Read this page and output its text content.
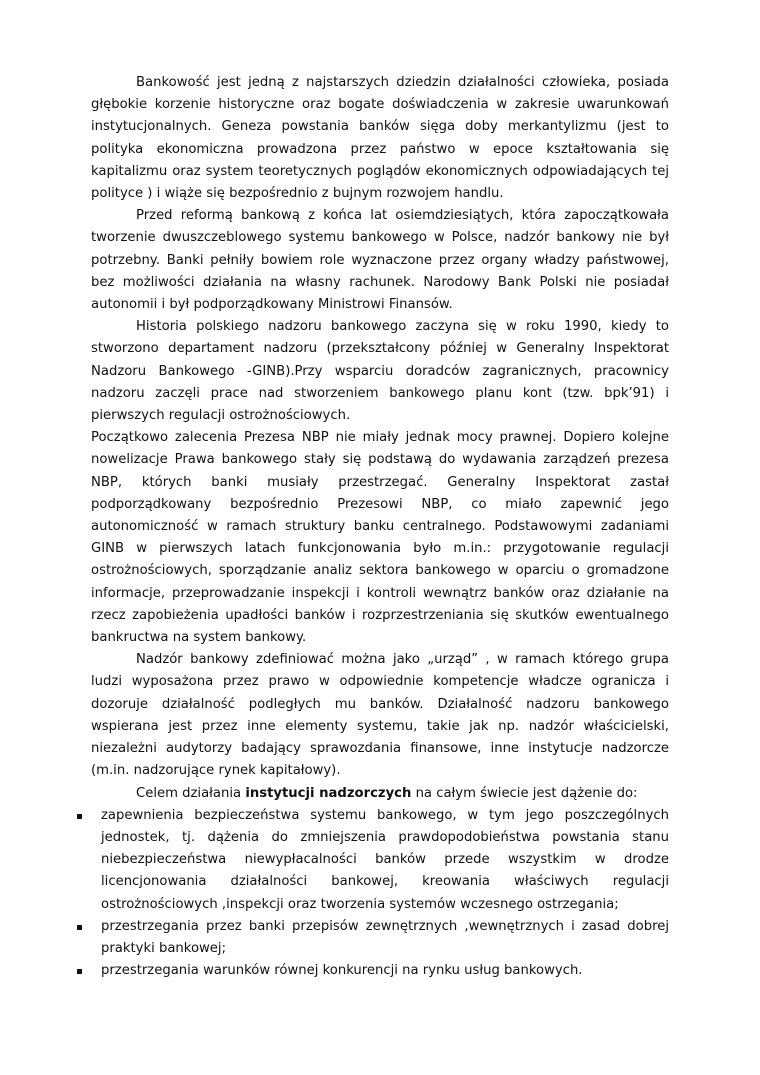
Bankowość jest jedną z najstarszych dziedzin działalności człowieka, posiada głębokie korzenie historyczne oraz bogate doświadczenia w zakresie uwarunkowań instytucjonalnych. Geneza powstania banków sięga doby merkantylizmu (jest to polityka ekonomiczna prowadzona przez państwo w epoce kształtowania się kapitalizmu oraz system teoretycznych poglądów ekonomicznych odpowiadających tej polityce ) i wiąże się bezpośrednio z bujnym rozwojem handlu.

Przed reformą bankową z końca lat osiemdziesiątych, która zapoczątkowała tworzenie dwuszczeblowego systemu bankowego w Polsce, nadzór bankowy nie był potrzebny. Banki pełniły bowiem role wyznaczone przez organy władzy państwowej, bez możliwości działania na własny rachunek. Narodowy Bank Polski nie posiadał autonomii i był podporządkowany Ministrowi Finansów.

Historia polskiego nadzoru bankowego zaczyna się w roku 1990, kiedy to stworzono departament nadzoru (przekształcony później w Generalny Inspektorat Nadzoru Bankowego -GINB).Przy wsparciu doradców zagranicznych, pracownicy nadzoru zaczęli prace nad stworzeniem bankowego planu kont (tzw. bpk’91) i pierwszych regulacji ostrożnościowych.

Początkowo zalecenia Prezesa NBP nie miały jednak mocy prawnej. Dopiero kolejne nowelizacje Prawa bankowego stały się podstawą do wydawania zarządzeń prezesa NBP, których banki musiały przestrzegać. Generalny Inspektorat zastał podporządkowany bezpośrednio Prezesowi NBP, co miało zapewnić jego autonomiczność w ramach struktury banku centralnego. Podstawowymi zadaniami GINB w pierwszych latach funkcjonowania było m.in.: przygotowanie regulacji ostrożnościowych, sporządzanie analiz sektora bankowego w oparciu o gromadzone informacje, przeprowadzanie inspekcji i kontroli wewnątrz banków oraz działanie na rzecz zapobieżenia upadłości banków i rozprzestrzeniania się skutków ewentualnego bankructwa na system bankowy.

Nadzór bankowy zdefiniować można jako „urząd” , w ramach którego grupa ludzi wyposażona przez prawo w odpowiednie kompetencje władcze ogranicza i dozoruje działalność podległych mu banków. Działalność nadzoru bankowego wspierana jest przez inne elementy systemu, takie jak np. nadzór właścicielski, niezależni audytorzy badający sprawozdania finansowe, inne instytucje nadzorcze (m.in. nadzorujące rynek kapitałowy).

Celem działania instytucji nadzorczych na całym świecie jest dążenie do:

zapewnienia bezpieczeństwa systemu bankowego, w tym jego poszczególnych jednostek, tj. dążenia do zmniejszenia prawdopodobieństwa powstania stanu niebezpieczeństwa niewypłacalności banków przede wszystkim w drodze licencjonowania działalności bankowej, kreowania właściwych regulacji ostrożnościowych ,inspekcji oraz tworzenia systemów wczesnego ostrzegania;
przestrzegania przez banki przepisów zewnętrznych ,wewnętrznych i zasad dobrej praktyki bankowej;
przestrzegania warunków równej konkurencji na rynku usług bankowych.
